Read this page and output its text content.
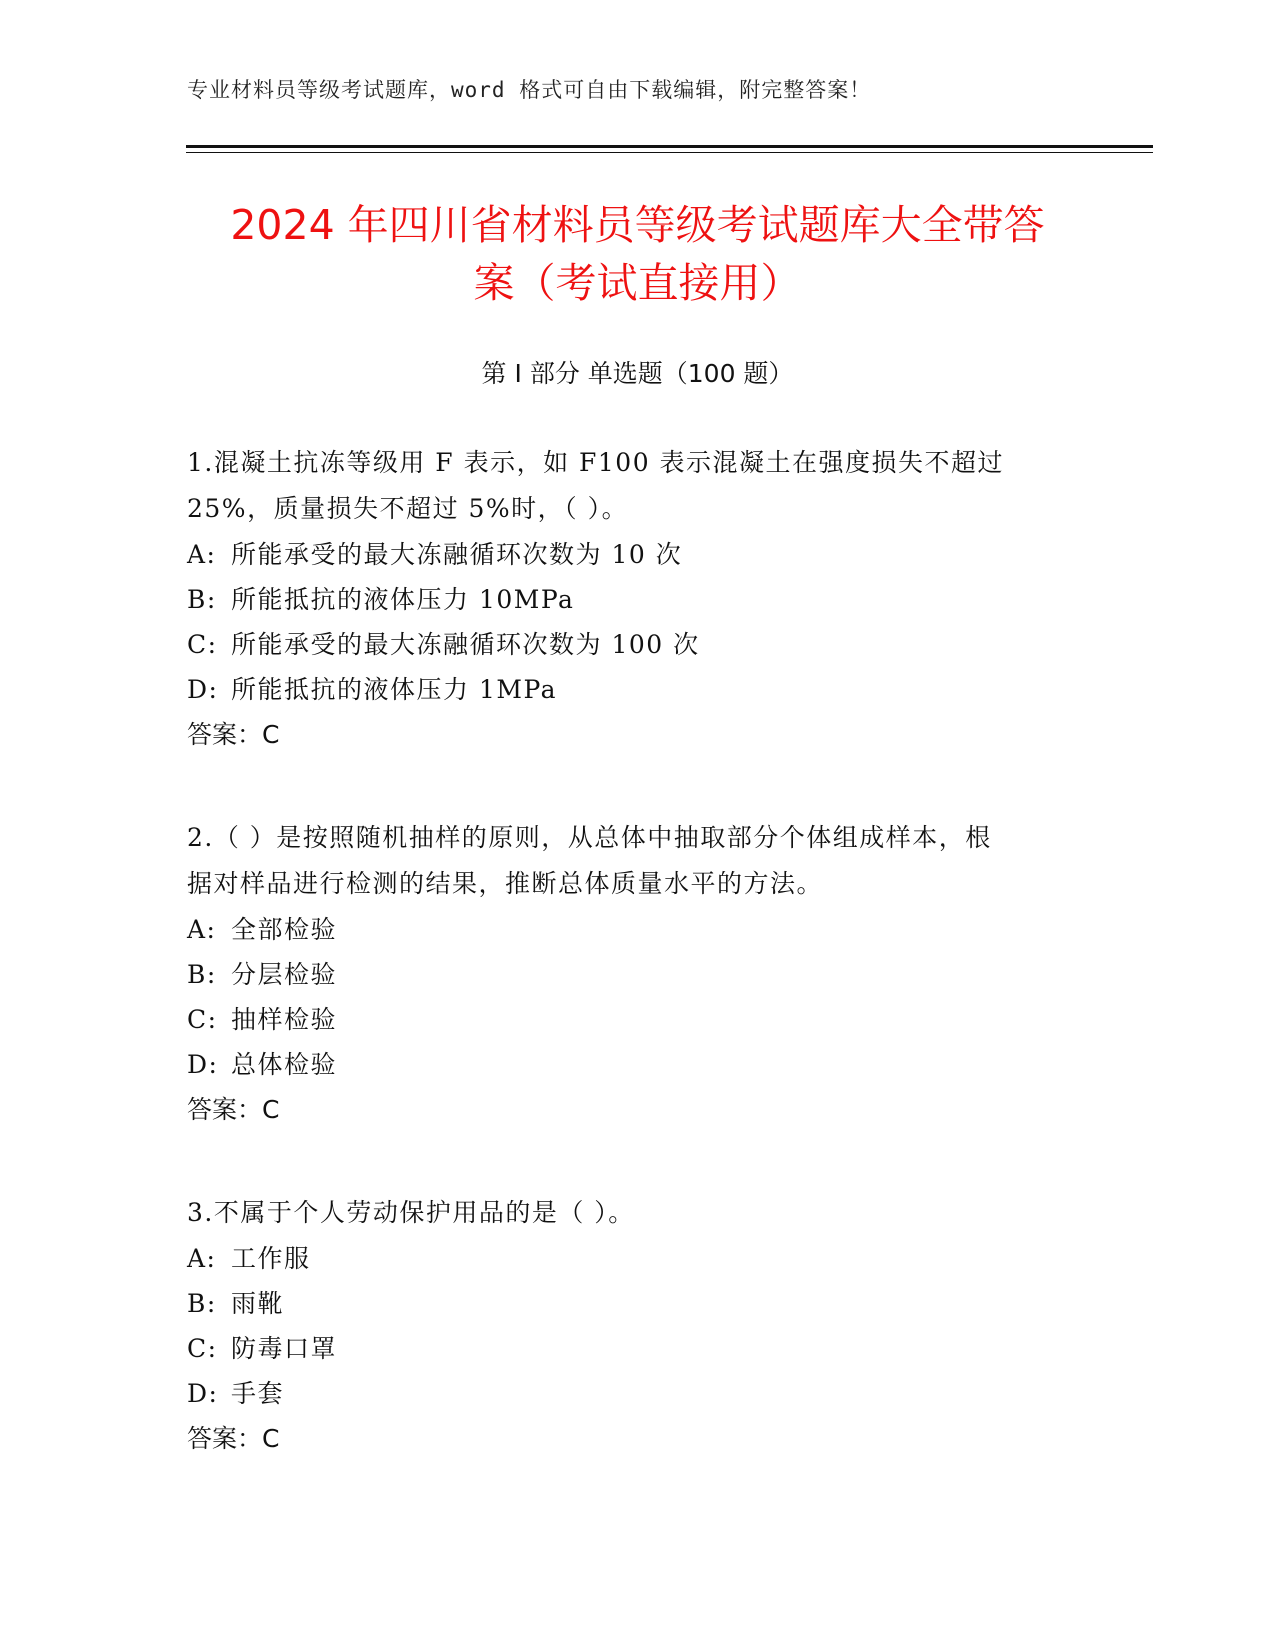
专业材料员等级考试题库，word 格式可自由下载编辑，附完整答案！
2024 年四川省材料员等级考试题库大全带答
案（考试直接用）
第 I 部分 单选题（100 题）

1.混凝土抗冻等级用 F 表示，如 F100 表示混凝土在强度损失不超过
25%，质量损失不超过 5%时，（ ）。

A: 所能承受的最大冻融循环次数为 10 次

B: 所能抵抗的液体压力 10MPa

C: 所能承受的最大冻融循环次数为 100 次

D: 所能抵抗的液体压力 1MPa

答案：C

2.（ ）是按照随机抽样的原则，从总体中抽取部分个体组成样本，根
据对样品进行检测的结果，推断总体质量水平的方法。

A: 全部检验

B: 分层检验

C: 抽样检验

D: 总体检验

答案：C

3.不属于个人劳动保护用品的是（ ）。

A: 工作服

B: 雨靴

C: 防毒口罩

D: 手套

答案：C
